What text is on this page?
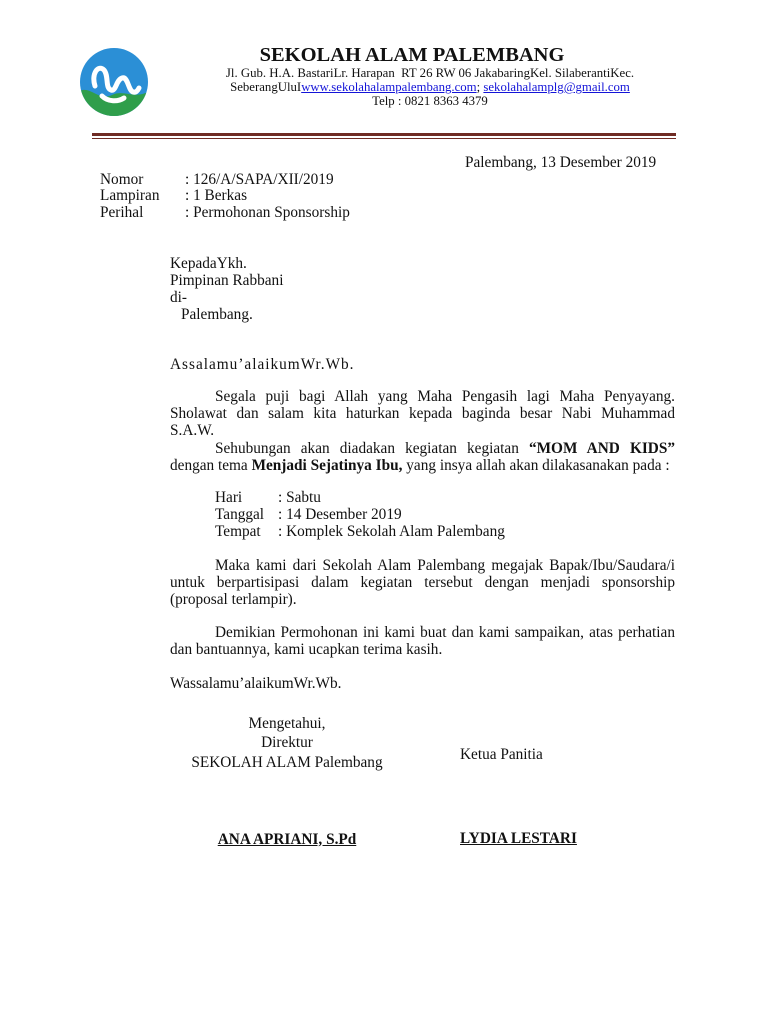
SEKOLAH ALAM PALEMBANG
Jl. Gub. H.A. BastariLr. Harapan  RT 26 RW 06 JakabaringKel. SilaberantiKec.
SeberangUluIwww.sekolahalampalembang.com; sekolahalamplg@gmail.com
Telp : 0821 8363 4379
Palembang, 13 Desember 2019
Nomor	: 126/A/SAPA/XII/2019
Lampiran : 1 Berkas
Perihal	: Permohonan Sponsorship
KepadaYkh.
Pimpinan Rabbani
di-
Palembang.
Assalamu’alaikumWr.Wb.
Segala puji bagi Allah yang Maha Pengasih lagi Maha Penyayang.
Sholawat dan salam kita haturkan kepada baginda besar Nabi Muhammad
S.A.W.
Sehubungan akan diadakan kegiatan kegiatan “MOM AND KIDS”
dengan tema Menjadi Sejatinya Ibu, yang insya allah akan dilakasanakan pada :
Hari : Sabtu
Tanggal : 14 Desember 2019
Tempat : Komplek Sekolah Alam Palembang
Maka kami dari Sekolah Alam Palembang megajak Bapak/Ibu/Saudara/i
untuk berpartisipasi dalam kegiatan tersebut dengan menjadi sponsorship
(proposal terlampir).
Demikian Permohonan ini kami buat dan kami sampaikan, atas perhatian
dan bantuannya, kami ucapkan terima kasih.
Wassalamu’alaikumWr.Wb.
Mengetahui,
Direktur
SEKOLAH ALAM Palembang	Ketua Panitia
ANA APRIANI, S.Pd	LYDIA LESTARI
